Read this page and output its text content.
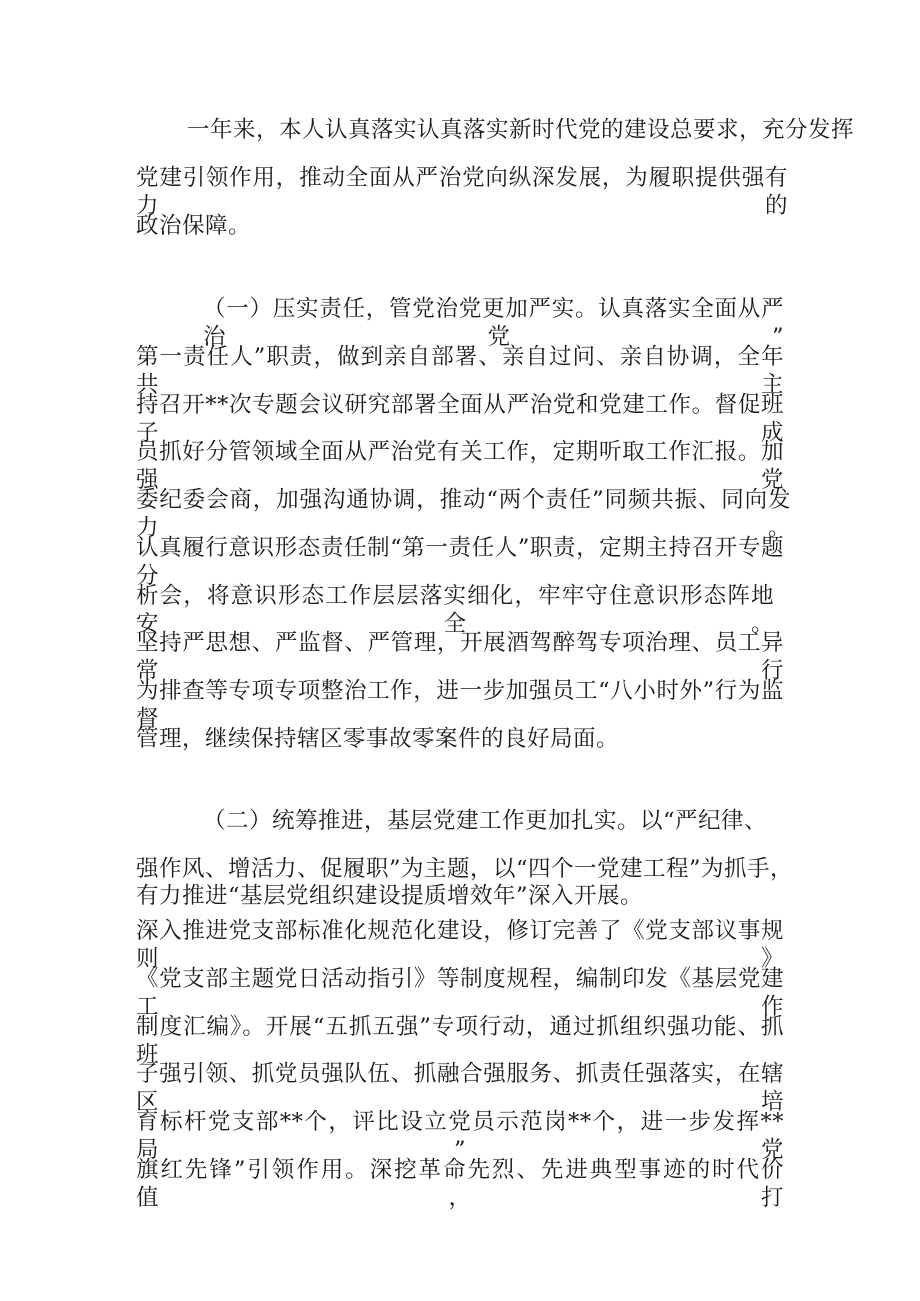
一年来，本人认真落实认真落实新时代党的建设总要求，充分发挥
党建引领作用，推动全面从严治党向纵深发展，为履职提供强有力的
政治保障。
（一）压实责任，管党治党更加严实。认真落实全面从严治党”
第一责任人”职责，做到亲自部署、亲自过问、亲自协调，全年共主
持召开**次专题会议研究部署全面从严治党和党建工作。督促班子成
员抓好分管领域全面从严治党有关工作，定期听取工作汇报。加强党
委纪委会商，加强沟通协调，推动“两个责任”同频共振、同向发力。
认真履行意识形态责任制“第一责任人”职责，定期主持召开专题分
析会，将意识形态工作层层落实细化，牢牢守住意识形态阵地安全。
坚持严思想、严监督、严管理，开展酒驾醉驾专项治理、员工异常行
为排查等专项专项整治工作，进一步加强员工“八小时外”行为监督
管理，继续保持辖区零事故零案件的良好局面。
（二）统筹推进，基层党建工作更加扎实。以“严纪律、
强作风、增活力、促履职”为主题，以“四个一党建工程”为抓手，
有力推进“基层党组织建设提质增效年”深入开展。
深入推进党支部标准化规范化建设，修订完善了《党支部议事规则》
《党支部主题党日活动指引》等制度规程，编制印发《基层党建工作
制度汇编》。开展“五抓五强”专项行动，通过抓组织强功能、抓班
子强引领、抓党员强队伍、抓融合强服务、抓责任强落实，在辖区培
育标杆党支部**个，评比设立党员示范岗**个，进一步发挥**局”党
旗红先锋”引领作用。深挖革命先烈、先进典型事迹的时代价值，打
